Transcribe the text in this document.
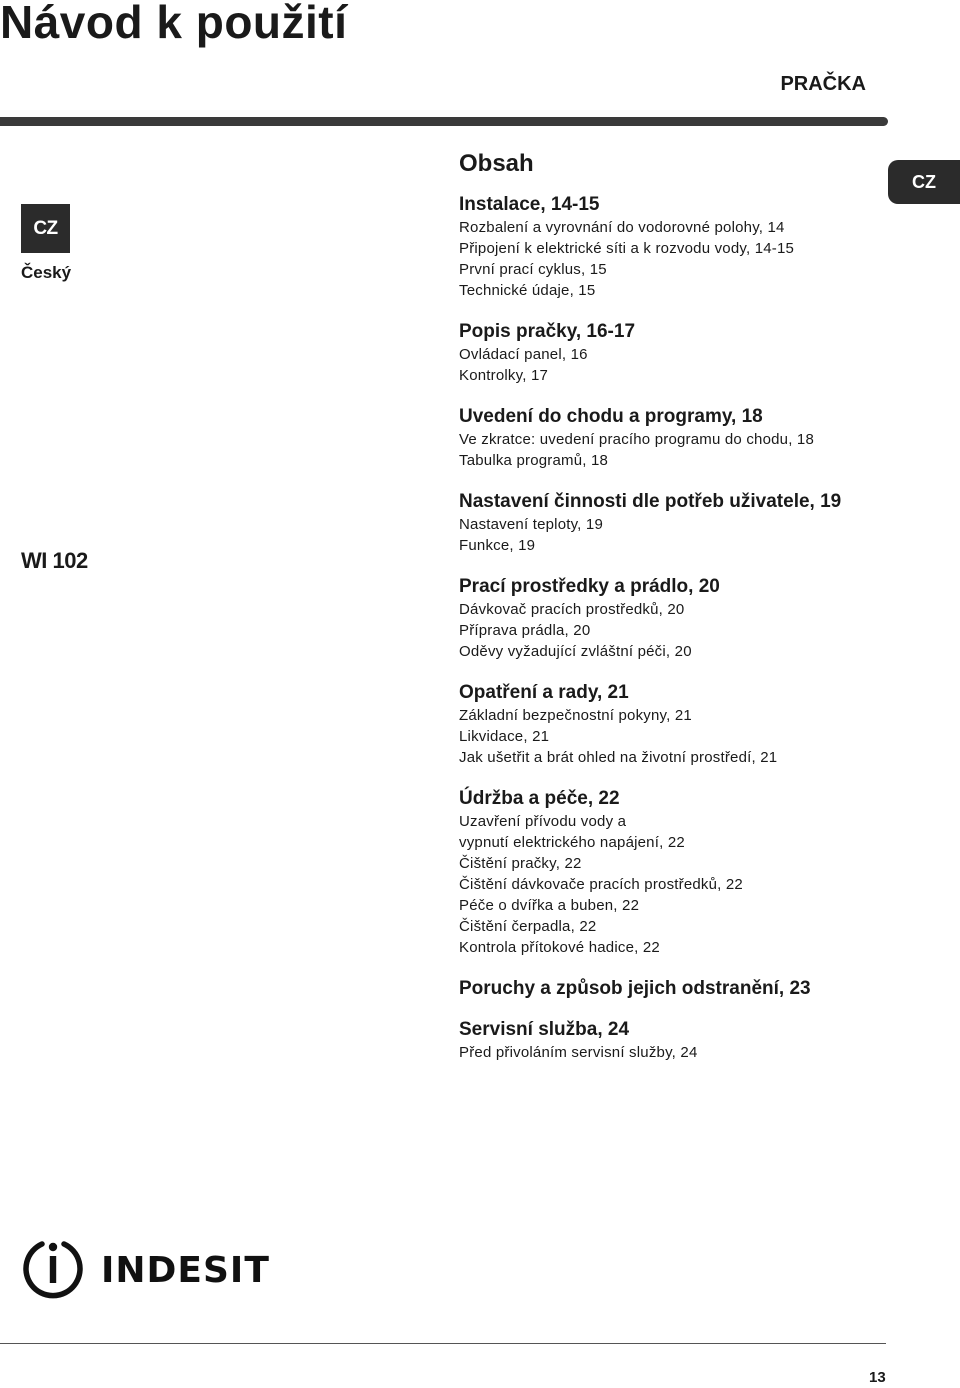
Návod k použití
PRAČKA
CZ
Český
WI 102
CZ
Obsah
Instalace, 14-15
Rozbalení a vyrovnání do vodorovné polohy, 14
Připojení k elektrické síti a k rozvodu vody, 14-15
První prací cyklus, 15
Technické údaje, 15
Popis pračky, 16-17
Ovládací panel, 16
Kontrolky, 17
Uvedení do chodu a programy, 18
Ve zkratce: uvedení pracího programu do chodu, 18
Tabulka programů, 18
Nastavení činnosti dle potřeb uživatele, 19
Nastavení teploty, 19
Funkce, 19
Prací prostředky a prádlo, 20
Dávkovač pracích prostředků, 20
Příprava prádla, 20
Oděvy vyžadující zvláštní péči, 20
Opatření a rady, 21
Základní bezpečnostní pokyny, 21
Likvidace, 21
Jak ušetřit a brát ohled na životní prostředí, 21
Údržba a péče, 22
Uzavření přívodu vody a
vypnutí elektrického napájení, 22
Čištění pračky, 22
Čištění dávkovače pracích prostředků, 22
Péče o dvířka a buben, 22
Čištění čerpadla, 22
Kontrola přítokové hadice, 22
Poruchy a způsob jejich odstranění, 23
Servisní služba, 24
Před přivoláním servisní služby, 24
INDESIT
13
